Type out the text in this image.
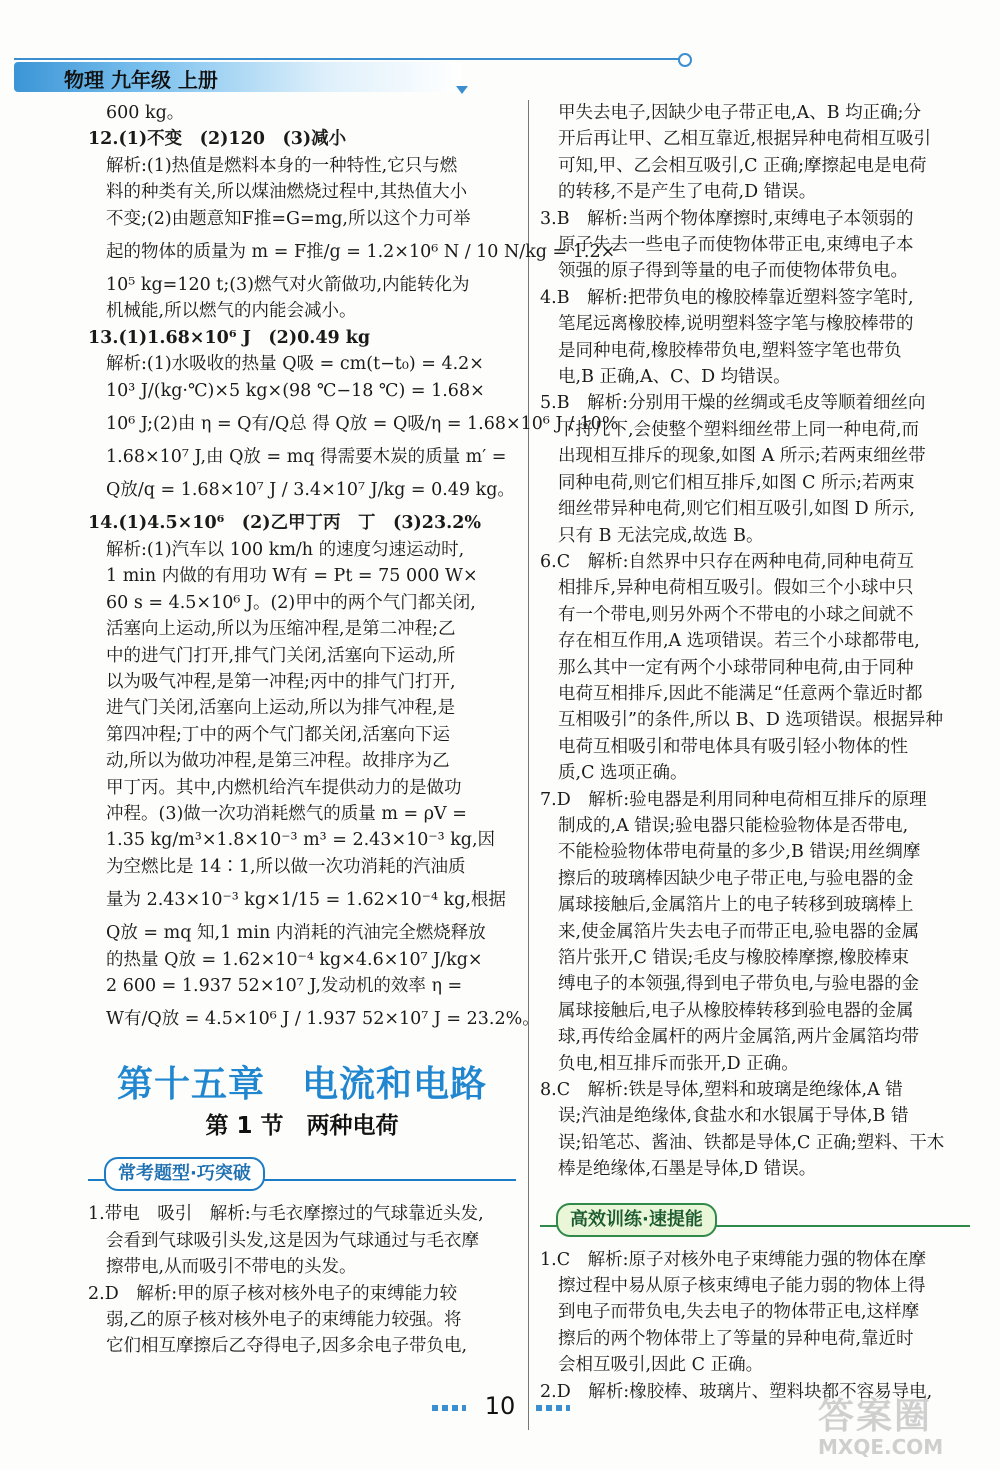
物理 九年级 上册
600 kg。
12.(1)不变　(2)120　(3)减小
解析:(1)热值是燃料本身的一种特性,它只与燃
料的种类有关,所以煤油燃烧过程中,其热值大小
不变;(2)由题意知F推=G=mg,所以这个力可举
起的物体的质量为 m = F推/g = 1.2×10⁶ N / 10 N/kg = 1.2×
10⁵ kg=120 t;(3)燃气对火箭做功,内能转化为
机械能,所以燃气的内能会减小。
13.(1)1.68×10⁶ J　(2)0.49 kg
解析:(1)水吸收的热量 Q吸 = cm(t−t₀) = 4.2×
10³ J/(kg·℃)×5 kg×(98 ℃−18 ℃) = 1.68×
10⁶ J;(2)由 η = Q有/Q总 得 Q放 = Q吸/η = 1.68×10⁶ J / 10%
1.68×10⁷ J,由 Q放 = mq 得需要木炭的质量 m′ =
Q放/q = 1.68×10⁷ J / 3.4×10⁷ J/kg = 0.49 kg。
14.(1)4.5×10⁶　(2)乙甲丁丙　丁　(3)23.2%
解析:(1)汽车以 100 km/h 的速度匀速运动时,
1 min 内做的有用功 W有 = Pt = 75 000 W×
60 s = 4.5×10⁶ J。(2)甲中的两个气门都关闭,
活塞向上运动,所以为压缩冲程,是第二冲程;乙
中的进气门打开,排气门关闭,活塞向下运动,所
以为吸气冲程,是第一冲程;丙中的排气门打开,
进气门关闭,活塞向上运动,所以为排气冲程,是
第四冲程;丁中的两个气门都关闭,活塞向下运
动,所以为做功冲程,是第三冲程。故排序为乙
甲丁丙。其中,内燃机给汽车提供动力的是做功
冲程。(3)做一次功消耗燃气的质量 m = ρV =
1.35 kg/m³×1.8×10⁻³ m³ = 2.43×10⁻³ kg,因
为空燃比是 14∶1,所以做一次功消耗的汽油质
量为 2.43×10⁻³ kg×1/15 = 1.62×10⁻⁴ kg,根据
Q放 = mq 知,1 min 内消耗的汽油完全燃烧释放
的热量 Q放 = 1.62×10⁻⁴ kg×4.6×10⁷ J/kg×
2 600 = 1.937 52×10⁷ J,发动机的效率 η =
W有/Q放 = 4.5×10⁶ J / 1.937 52×10⁷ J = 23.2%。
第十五章　电流和电路
第 1 节　两种电荷
常考题型·巧突破
1.带电　吸引　解析:与毛衣摩擦过的气球靠近头发,
会看到气球吸引头发,这是因为气球通过与毛衣摩
擦带电,从而吸引不带电的头发。
2.D　解析:甲的原子核对核外电子的束缚能力较
弱,乙的原子核对核外电子的束缚能力较强。将
它们相互摩擦后乙夺得电子,因多余电子带负电,
甲失去电子,因缺少电子带正电,A、B 均正确;分
开后再让甲、乙相互靠近,根据异种电荷相互吸引
可知,甲、乙会相互吸引,C 正确;摩擦起电是电荷
的转移,不是产生了电荷,D 错误。
3.B　解析:当两个物体摩擦时,束缚电子本领弱的
原子失去一些电子而使物体带正电,束缚电子本
领强的原子得到等量的电子而使物体带负电。
4.B　解析:把带负电的橡胶棒靠近塑料签字笔时,
笔尾远离橡胶棒,说明塑料签字笔与橡胶棒带的
是同种电荷,橡胶棒带负电,塑料签字笔也带负
电,B 正确,A、C、D 均错误。
5.B　解析:分别用干燥的丝绸或毛皮等顺着细丝向
下捋几下,会使整个塑料细丝带上同一种电荷,而
出现相互排斥的现象,如图 A 所示;若两束细丝带
同种电荷,则它们相互排斥,如图 C 所示;若两束
细丝带异种电荷,则它们相互吸引,如图 D 所示,
只有 B 无法完成,故选 B。
6.C　解析:自然界中只存在两种电荷,同种电荷互
相排斥,异种电荷相互吸引。假如三个小球中只
有一个带电,则另外两个不带电的小球之间就不
存在相互作用,A 选项错误。若三个小球都带电,
那么其中一定有两个小球带同种电荷,由于同种
电荷互相排斥,因此不能满足“任意两个靠近时都
互相吸引”的条件,所以 B、D 选项错误。根据异种
电荷互相吸引和带电体具有吸引轻小物体的性
质,C 选项正确。
7.D　解析:验电器是利用同种电荷相互排斥的原理
制成的,A 错误;验电器只能检验物体是否带电,
不能检验物体带电荷量的多少,B 错误;用丝绸摩
擦后的玻璃棒因缺少电子带正电,与验电器的金
属球接触后,金属箔片上的电子转移到玻璃棒上
来,使金属箔片失去电子而带正电,验电器的金属
箔片张开,C 错误;毛皮与橡胶棒摩擦,橡胶棒束
缚电子的本领强,得到电子带负电,与验电器的金
属球接触后,电子从橡胶棒转移到验电器的金属
球,再传给金属杆的两片金属箔,两片金属箔均带
负电,相互排斥而张开,D 正确。
8.C　解析:铁是导体,塑料和玻璃是绝缘体,A 错
误;汽油是绝缘体,食盐水和水银属于导体,B 错
误;铅笔芯、酱油、铁都是导体,C 正确;塑料、干木
棒是绝缘体,石墨是导体,D 错误。
高效训练·速提能
1.C　解析:原子对核外电子束缚能力强的物体在摩
擦过程中易从原子核束缚电子能力弱的物体上得
到电子而带负电,失去电子的物体带正电,这样摩
擦后的两个物体带上了等量的异种电荷,靠近时
会相互吸引,因此 C 正确。
2.D　解析:橡胶棒、玻璃片、塑料块都不容易导电,
10	答案圈
MXQE.COM
